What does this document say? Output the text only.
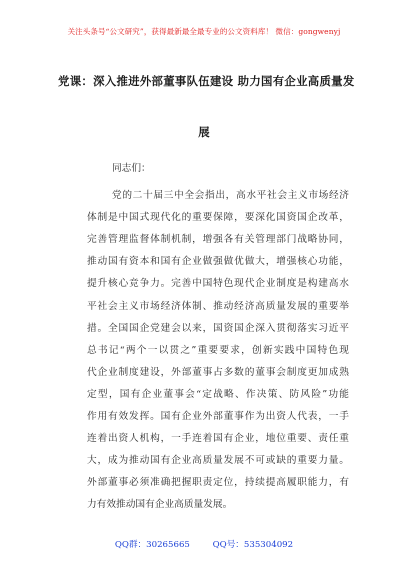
关注头条号“公文研究”，获得最新最全最专业的公文资料库！ 微信：gongwenyj
党课：深入推进外部董事队伍建设 助力国有企业高质量发
展
同志们：
党的二十届三中全会指出，高水平社会主义市场经济
体制是中国式现代化的重要保障，要深化国资国企改革，
完善管理监督体制机制，增强各有关管理部门战略协同，
推动国有资本和国有企业做强做优做大，增强核心功能，
提升核心竞争力。完善中国特色现代企业制度是构建高水
平社会主义市场经济体制、推动经济高质量发展的重要举
措。全国国企党建会以来，国资国企深入贯彻落实习近平
总书记“两个一以贯之”重要要求，创新实践中国特色现
代企业制度建设，外部董事占多数的董事会制度更加成熟
定型，国有企业董事会“定战略、作决策、防风险”功能
作用有效发挥。国有企业外部董事作为出资人代表，一手
连着出资人机构，一手连着国有企业，地位重要、责任重
大，成为推动国有企业高质量发展不可或缺的重要力量。
外部董事必须准确把握职责定位，持续提高履职能力，有
力有效推动国有企业高质量发展。
QQ群：30265665	QQ号：535304092
